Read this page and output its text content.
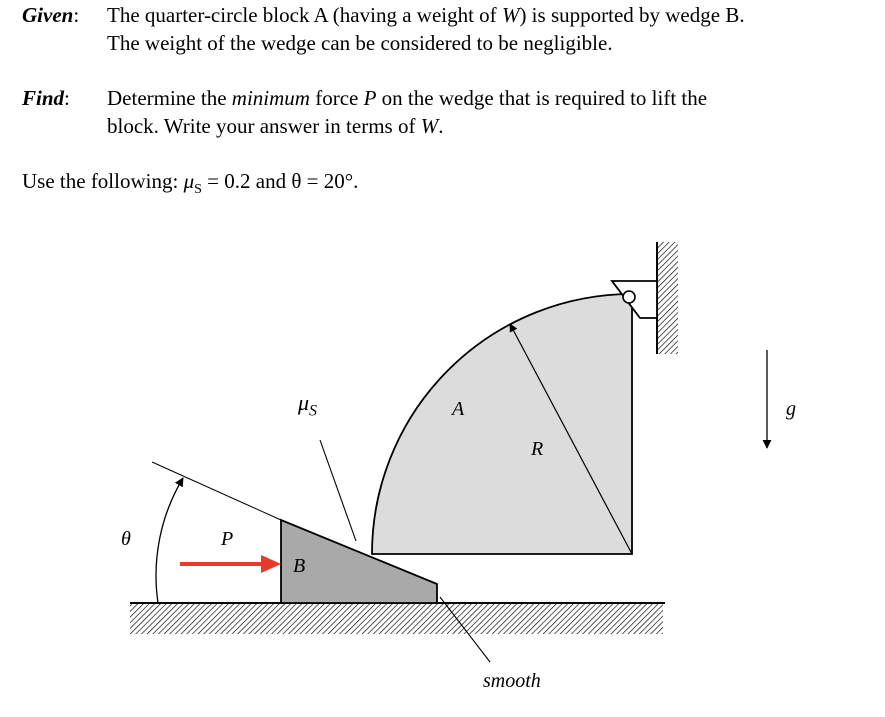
Given: The quarter-circle block A (having a weight of W) is supported by wedge B.
The weight of the wedge can be considered to be negligible.
Find: Determine the minimum force P on the wedge that is required to lift the
block. Write your answer in terms of W.
Use the following: $\mu_S = 0.2$ and θ = 20°.
$\mu_S$	A
R
g
θ	P
B
smooth
